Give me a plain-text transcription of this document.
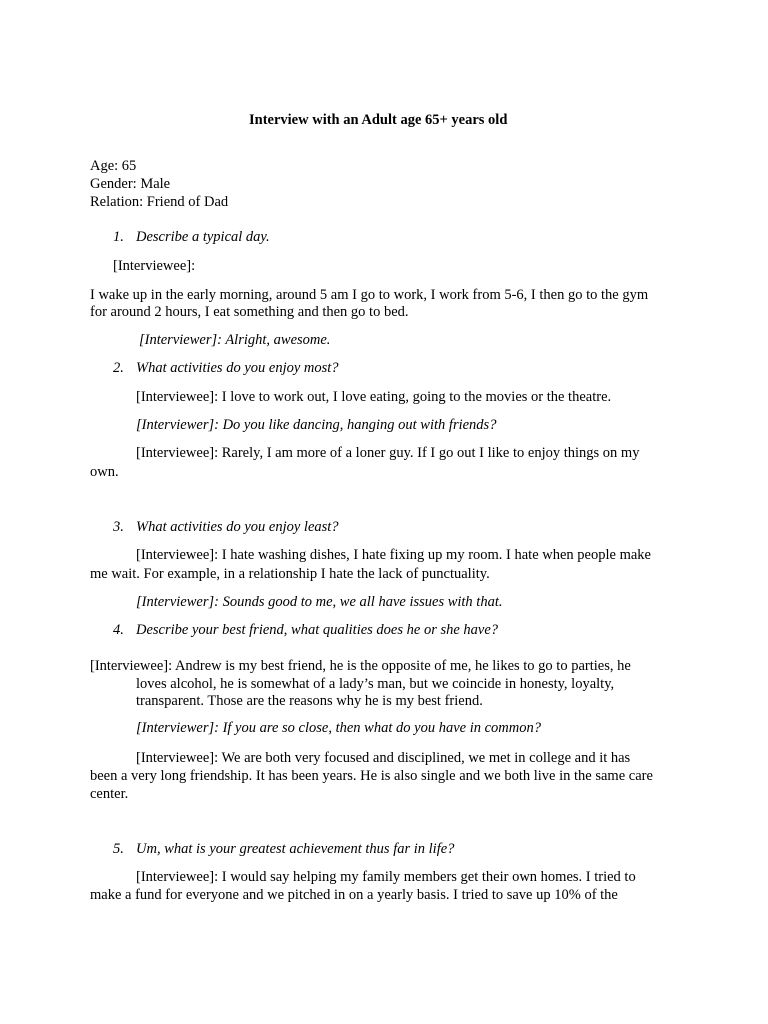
Interview with an Adult age 65+ years old
Age: 65
Gender: Male
Relation: Friend of Dad
1. Describe a typical day.
[Interviewee]:
I wake up in the early morning, around 5 am I go to work, I work from 5-6, I then go to the gym
for around 2 hours, I eat something and then go to bed.
[Interviewer]: Alright, awesome.
2. What activities do you enjoy most?
[Interviewee]: I love to work out, I love eating, going to the movies or the theatre.
[Interviewer]: Do you like dancing, hanging out with friends?
[Interviewee]: Rarely, I am more of a loner guy. If I go out I like to enjoy things on my
own.
3. What activities do you enjoy least?
[Interviewee]: I hate washing dishes, I hate fixing up my room. I hate when people make
me wait. For example, in a relationship I hate the lack of punctuality.
[Interviewer]: Sounds good to me, we all have issues with that.
4. Describe your best friend, what qualities does he or she have?
[Interviewee]: Andrew is my best friend, he is the opposite of me, he likes to go to parties, he
loves alcohol, he is somewhat of a lady’s man, but we coincide in honesty, loyalty,
transparent. Those are the reasons why he is my best friend.
[Interviewer]: If you are so close, then what do you have in common?
[Interviewee]: We are both very focused and disciplined, we met in college and it has
been a very long friendship. It has been years. He is also single and we both live in the same care
center.
5. Um, what is your greatest achievement thus far in life?
[Interviewee]: I would say helping my family members get their own homes. I tried to
make a fund for everyone and we pitched in on a yearly basis. I tried to save up 10% of the
